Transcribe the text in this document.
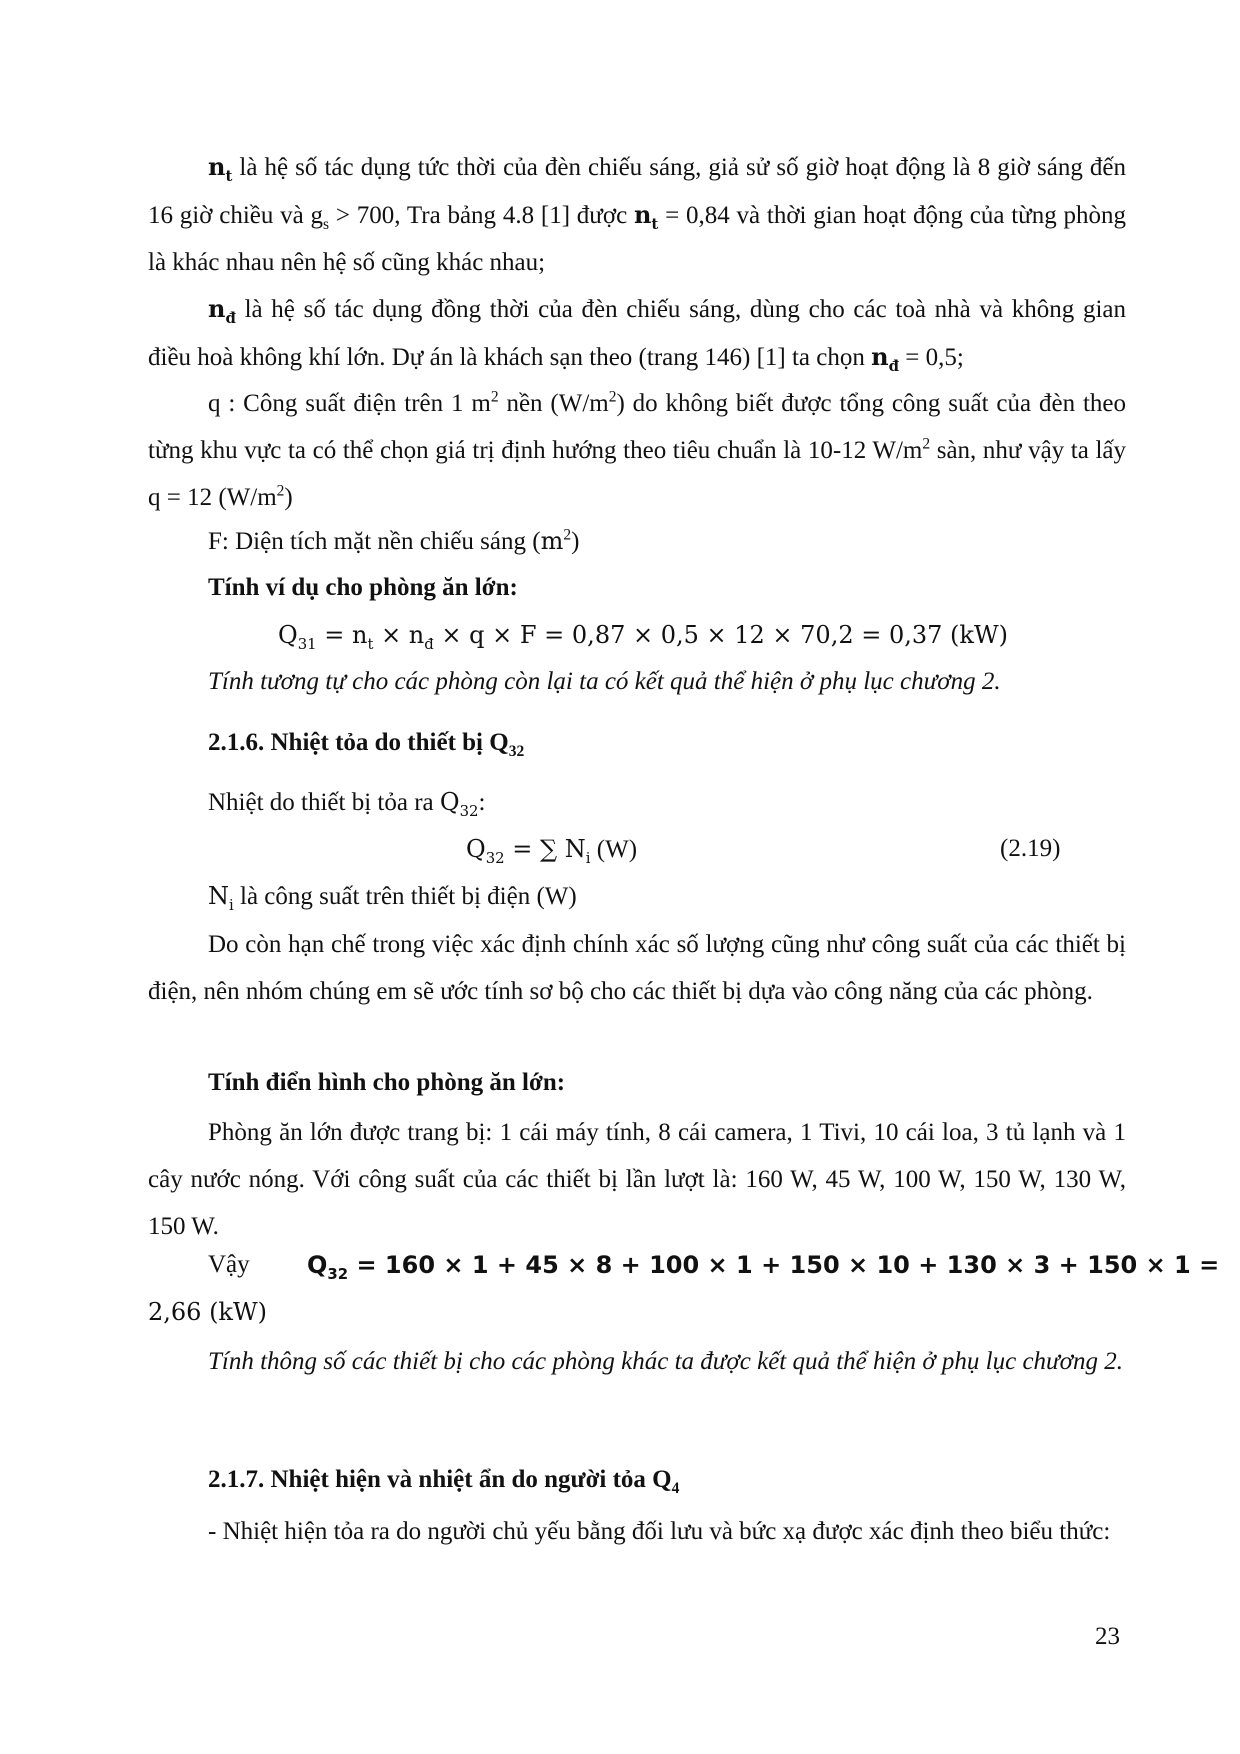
$n_t$ là hệ số tác dụng tức thời của đèn chiếu sáng, giả sử số giờ hoạt động là 8 giờ sáng đến 16 giờ chiều và $g_s > 700$, Tra bảng 4.8 [1] được $n_t = 0,84$ và thời gian hoạt động của từng phòng là khác nhau nên hệ số cũng khác nhau;

$n_đ$ là hệ số tác dụng đồng thời của đèn chiếu sáng, dùng cho các toà nhà và không gian điều hoà không khí lớn. Dự án là khách sạn theo (trang 146) [1] ta chọn $n_đ = 0,5$;

q : Công suất điện trên 1 $m^2$ nền $(W/m^2)$ do không biết được tổng công suất của đèn theo từng khu vực ta có thể chọn giá trị định hướng theo tiêu chuẩn là 10-12 $W/m^2$ sàn, như vậy ta lấy q = 12 $(W/m^2)$

F: Diện tích mặt nền chiếu sáng $(m^2)$
Tính ví dụ cho phòng ăn lớn:
$Q_{31} = n_t \times n_đ \times q \times F = 0,87 \times 0,5 \times 12 \times 70,2 = 0,37$ (kW)
Tính tương tự cho các phòng còn lại ta có kết quả thể hiện ở phụ lục chương 2.
2.1.6. Nhiệt tỏa do thiết bị $Q_{32}$
Nhiệt do thiết bị tỏa ra $Q_{32}$:
$Q_{32}$ = ∑ $N_i$ (W)	(2.19)
$N_i$ là công suất trên thiết bị điện (W)

Do còn hạn chế trong việc xác định chính xác số lượng cũng như công suất của các thiết bị điện, nên nhóm chúng em sẽ ước tính sơ bộ cho các thiết bị dựa vào công năng của các phòng.

Tính điển hình cho phòng ăn lớn:

Phòng ăn lớn được trang bị: 1 cái máy tính, 8 cái camera, 1 Tivi, 10 cái loa, 3 tủ lạnh và 1 cây nước nóng. Với công suất của các thiết bị lần lượt là: 160 W, 45 W, 100 W, 150 W, 130 W, 150 W.

Vậy $Q_{32} = 160 \times 1 + 45 \times 8 + 100 \times 1 + 150 \times 10 + 130 \times 3 + 150 \times 1$ =
2,66 (kW)

Tính thông số các thiết bị cho các phòng khác ta được kết quả thể hiện ở phụ lục chương 2.

2.1.7. Nhiệt hiện và nhiệt ẩn do người tỏa $Q_4$

- Nhiệt hiện tỏa ra do người chủ yếu bằng đối lưu và bức xạ được xác định theo biểu thức:

23
